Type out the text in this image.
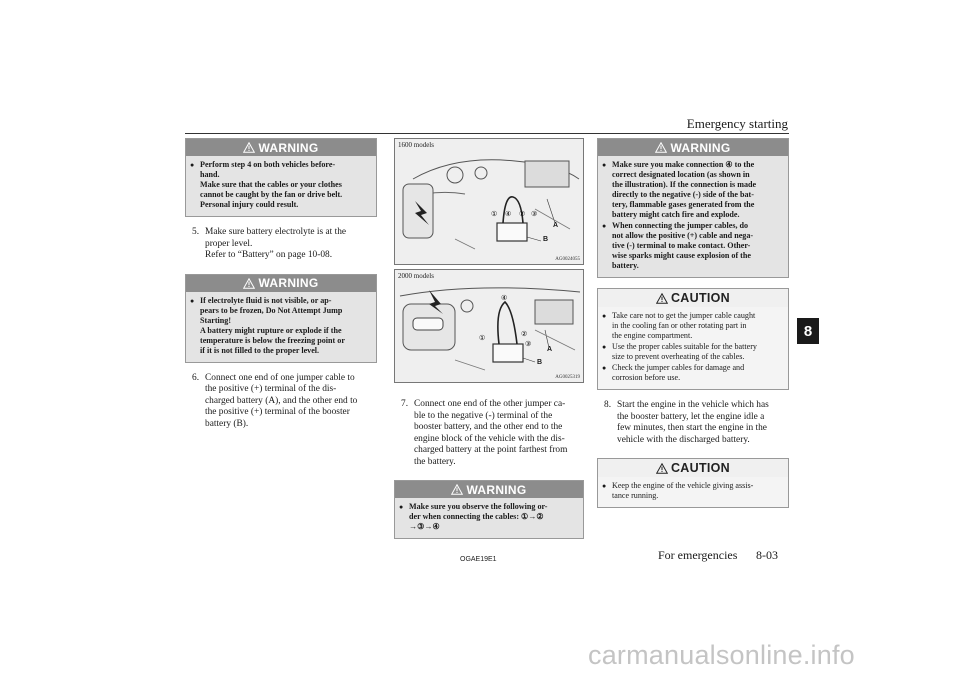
Emergency starting
8
WARNING
● Perform step 4 on both vehicles before-
hand.
Make sure that the cables or your clothes
cannot be caught by the fan or drive belt.
Personal injury could result.
5. Make sure battery electrolyte is at the
proper level.
Refer to “Battery” on page 10-08.
WARNING
● If electrolyte fluid is not visible, or ap-
pears to be frozen, Do Not Attempt Jump
Starting!
A battery might rupture or explode if the
temperature is below the freezing point or
if it is not filled to the proper level.
6. Connect one end of one jumper cable to
the positive (+) terminal of the dis-
charged battery (A), and the other end to
the positive (+) terminal of the booster
battery (B).
1600 models
① ④ ② ③
A
B
AG0024055
2000 models
④
①	②
③
A
B
AG0025319
7. Connect one end of the other jumper ca-
ble to the negative (-) terminal of the
booster battery, and the other end to the
engine block of the vehicle with the dis-
charged battery at the point farthest from
the battery.
WARNING
● Make sure you observe the following or-
der when connecting the cables: ①→②
→③→④
WARNING
● Make sure you make connection ④ to the
correct designated location (as shown in
the illustration). If the connection is made
directly to the negative (-) side of the bat-
tery, flammable gases generated from the
battery might catch fire and explode.
● When connecting the jumper cables, do
not allow the positive (+) cable and nega-
tive (-) terminal to make contact. Other-
wise sparks might cause explosion of the
battery.
CAUTION
● Take care not to get the jumper cable caught
in the cooling fan or other rotating part in
the engine compartment.
● Use the proper cables suitable for the battery
size to prevent overheating of the cables.
● Check the jumper cables for damage and
corrosion before use.
8. Start the engine in the vehicle which has
the booster battery, let the engine idle a
few minutes, then start the engine in the
vehicle with the discharged battery.
CAUTION
● Keep the engine of the vehicle giving assis-
tance running.
OGAE19E1	For emergencies 8-03
carmanualsonline.info
